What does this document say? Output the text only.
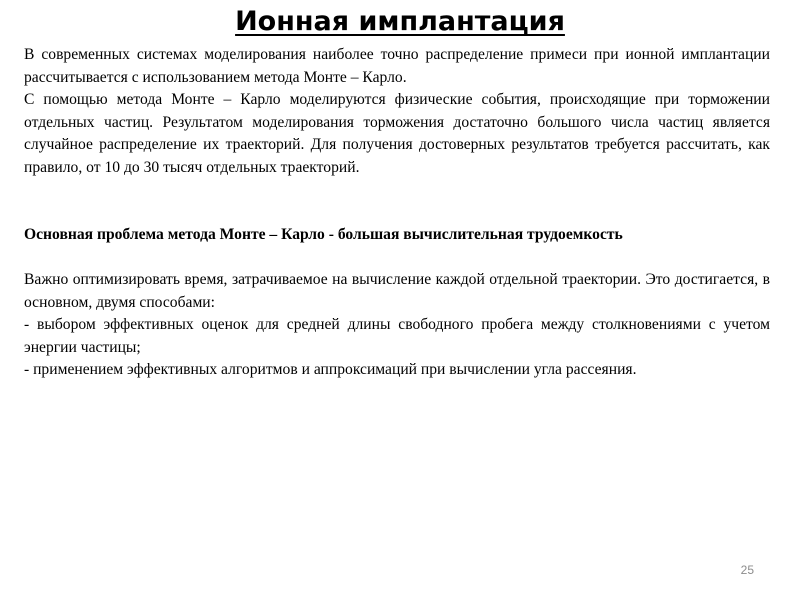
Ионная имплантация

В современных системах моделирования наиболее точно распределение примеси при ионной имплантации рассчитывается с использованием метода Монте – Карло.

С помощью метода Монте – Карло моделируются физические события, происходящие при торможении отдельных частиц. Результатом моделирования торможения достаточно большого числа частиц является случайное распределение их траекторий. Для получения достоверных результатов требуется рассчитать, как правило, от 10 до 30 тысяч отдельных траекторий.

Основная проблема метода Монте – Карло - большая вычислительная трудоемкость

Важно оптимизировать время, затрачиваемое на вычисление каждой отдельной траектории. Это достигается, в основном, двумя способами:

- выбором эффективных оценок для средней длины свободного пробега между столкновениями с учетом энергии частицы;

- применением эффективных алгоритмов и аппроксимаций при вычислении угла рассеяния.

25
